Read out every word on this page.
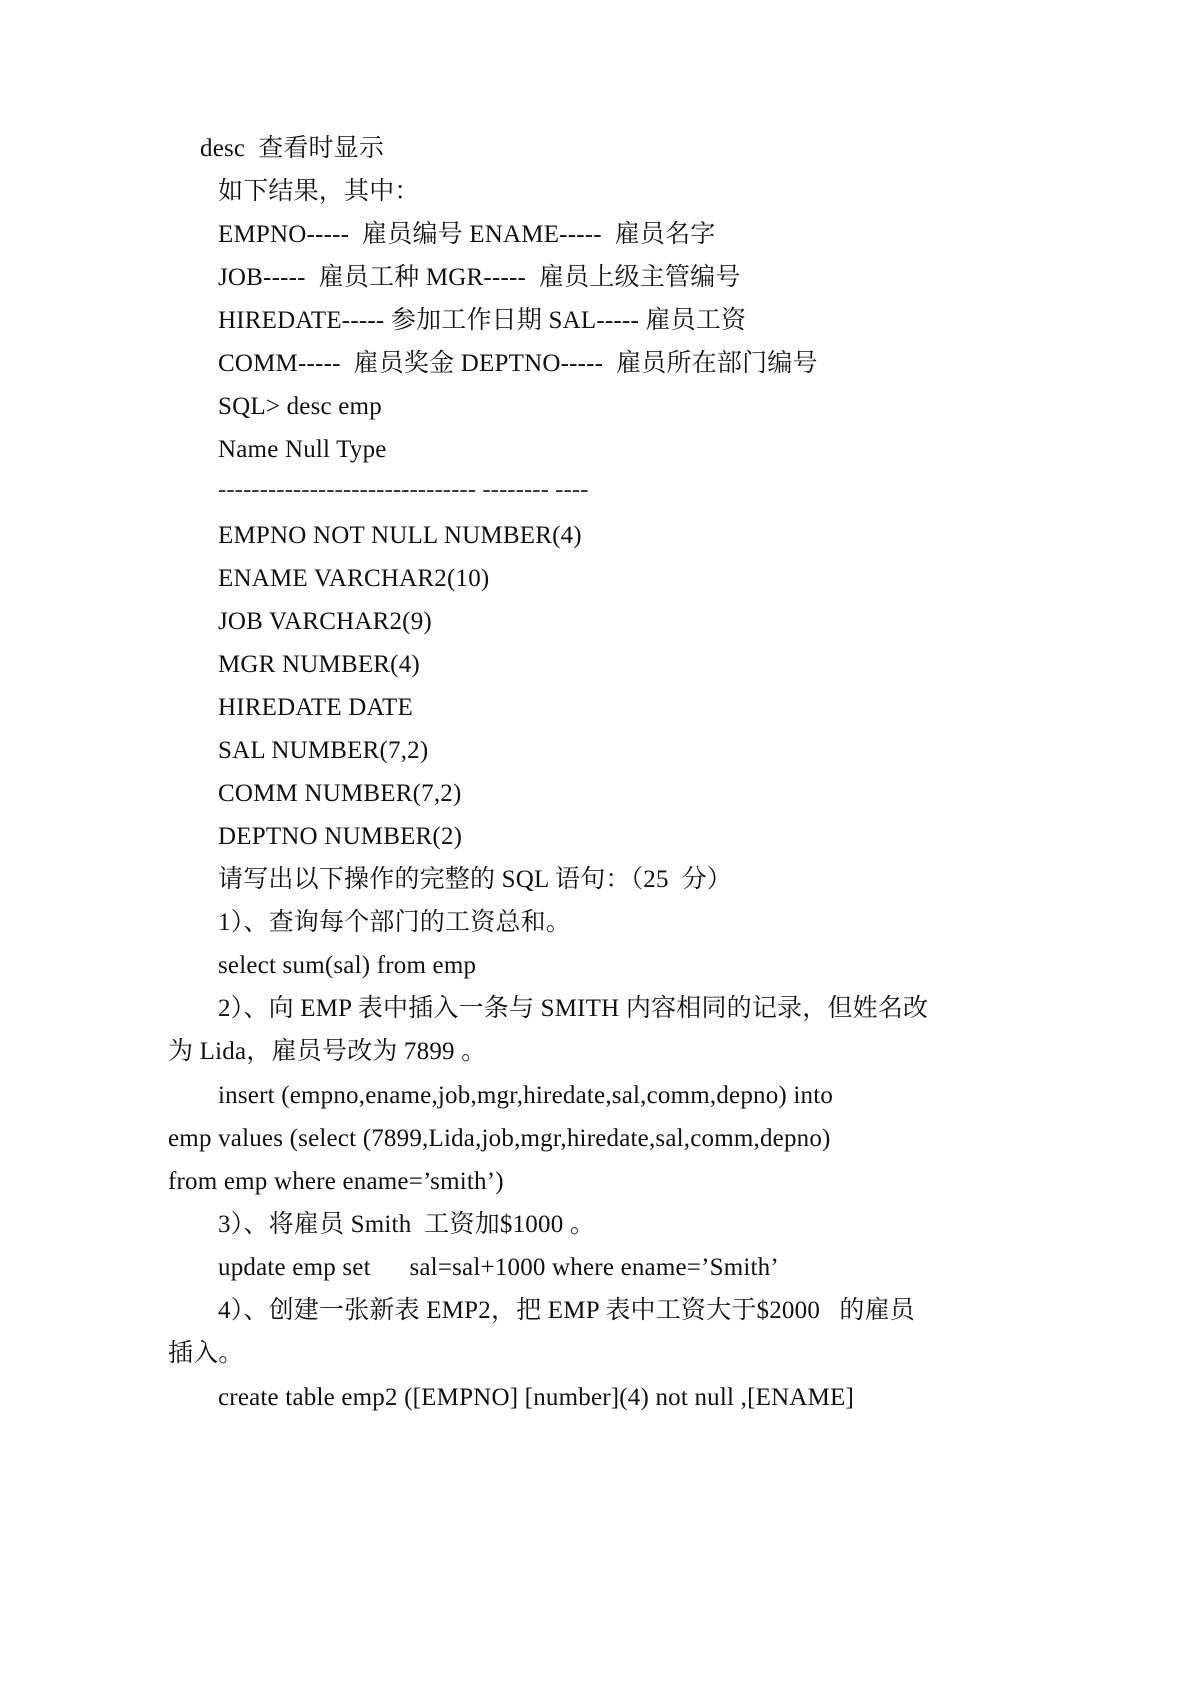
desc  查看时显示
如下结果，其中：
EMPNO-----  雇员编号 ENAME-----  雇员名字
JOB-----  雇员工种 MGR-----  雇员上级主管编号
HIREDATE----- 参加工作日期 SAL----- 雇员工资
COMM-----  雇员奖金 DEPTNO-----  雇员所在部门编号
SQL> desc emp
Name Null Type
------------------------------- -------- ----
EMPNO NOT NULL NUMBER(4)
ENAME VARCHAR2(10)
JOB VARCHAR2(9)
MGR NUMBER(4)
HIREDATE DATE
SAL NUMBER(7,2)
COMM NUMBER(7,2)
DEPTNO NUMBER(2)
请写出以下操作的完整的 SQL 语句：（25  分）
1）、查询每个部门的工资总和。
select sum(sal) from emp
2）、向 EMP 表中插入一条与 SMITH 内容相同的记录，但姓名改
为 Lida，雇员号改为 7899 。
insert (empno,ename,job,mgr,hiredate,sal,comm,depno) into
emp values (select (7899,Lida,job,mgr,hiredate,sal,comm,depno)
from emp where ename=’smith’)
3）、将雇员 Smith  工资加$1000 。
update emp set      sal=sal+1000 where ename=’Smith’
4）、创建一张新表 EMP2，把 EMP 表中工资大于$2000   的雇员
插入。
create table emp2 ([EMPNO] [number](4) not null ,[ENAME]
